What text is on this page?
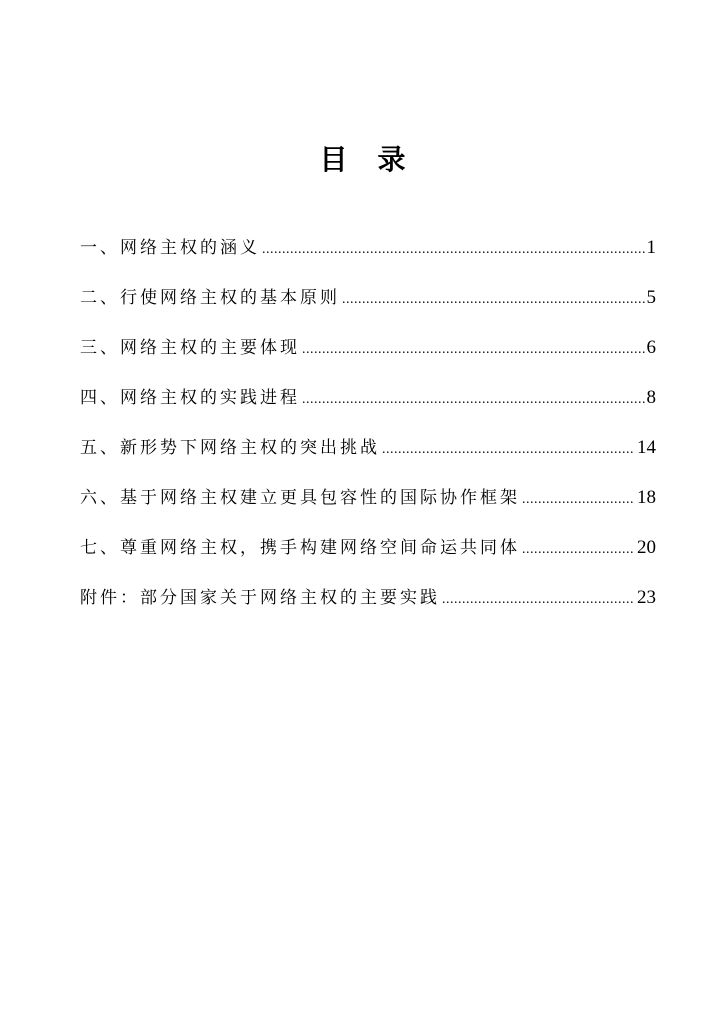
目 录
一、网络主权的涵义 .....	1
二、行使网络主权的基本原则 .....	5
三、网络主权的主要体现 .....	6
四、网络主权的实践进程 .....	8
五、新形势下网络主权的突出挑战 .....	14
六、基于网络主权建立更具包容性的国际协作框架 .....	18
七、尊重网络主权，携手构建网络空间命运共同体 .....	20
附件：部分国家关于网络主权的主要实践 .....	23
